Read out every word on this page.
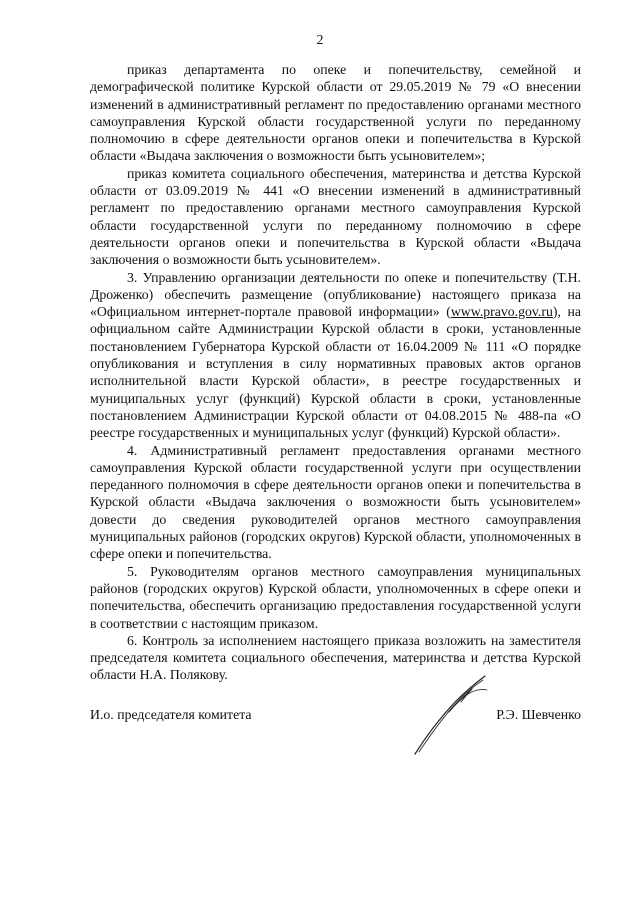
2

приказ департамента по опеке и попечительству, семейной и демографической политике Курской области от 29.05.2019 № 79 «О внесении изменений в административный регламент по предоставлению органами местного самоуправления Курской области государственной услуги по переданному полномочию в сфере деятельности органов опеки и попечительства в Курской области «Выдача заключения о возможности быть усыновителем»;

приказ комитета социального обеспечения, материнства и детства Курской области от 03.09.2019 № 441 «О внесении изменений в административный регламент по предоставлению органами местного самоуправления Курской области государственной услуги по переданному полномочию в сфере деятельности органов опеки и попечительства в Курской области «Выдача заключения о возможности быть усыновителем».

3. Управлению организации деятельности по опеке и попечительству (Т.Н. Дроженко) обеспечить размещение (опубликование) настоящего приказа на «Официальном интернет-портале правовой информации» (www.pravo.gov.ru), на официальном сайте Администрации Курской области в сроки, установленные постановлением Губернатора Курской области от 16.04.2009 № 111 «О порядке опубликования и вступления в силу нормативных правовых актов органов исполнительной власти Курской области», в реестре государственных и муниципальных услуг (функций) Курской области в сроки, установленные постановлением Администрации Курской области от 04.08.2015 № 488-па «О реестре государственных и муниципальных услуг (функций) Курской области».

4. Административный регламент предоставления органами местного самоуправления Курской области государственной услуги при осуществлении переданного полномочия в сфере деятельности органов опеки и попечительства в Курской области «Выдача заключения о возможности быть усыновителем» довести до сведения руководителей органов местного самоуправления муниципальных районов (городских округов) Курской области, уполномоченных в сфере опеки и попечительства.

5. Руководителям органов местного самоуправления муниципальных районов (городских округов) Курской области, уполномоченных в сфере опеки и попечительства, обеспечить организацию предоставления государственной услуги в соответствии с настоящим приказом.

6. Контроль за исполнением настоящего приказа возложить на заместителя председателя комитета социального обеспечения, материнства и детства Курской области Н.А. Полякову.

И.о. председателя комитета	Р.Э. Шевченко
